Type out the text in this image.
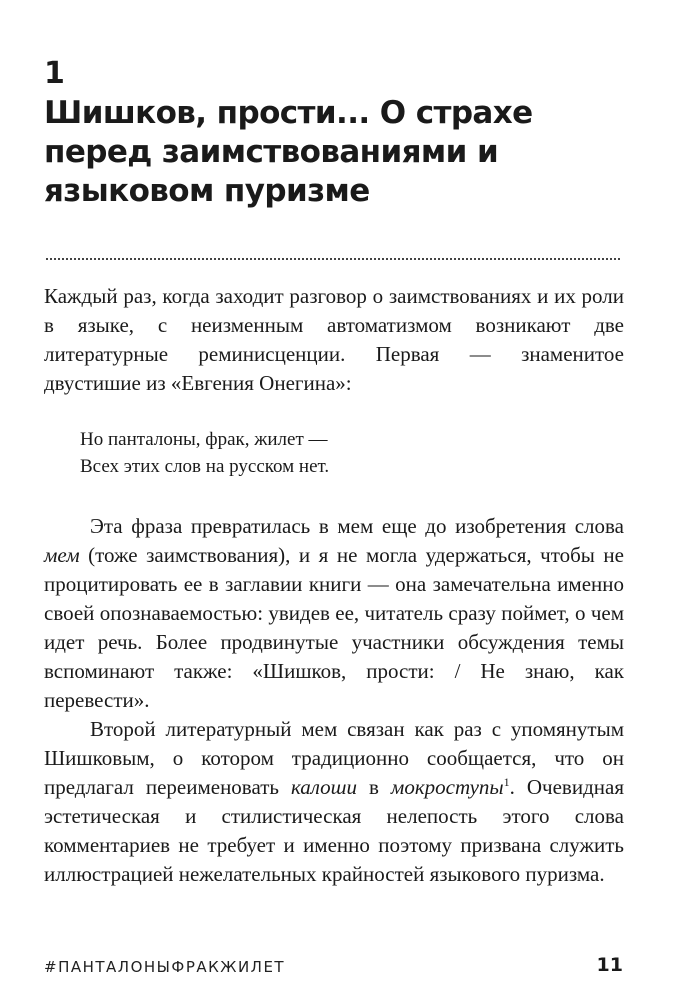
1
Шишков, прости... О страхе перед заимствованиями и языковом пуризме

Каждый раз, когда заходит разговор о заимствованиях и их роли в языке, с неизменным автоматизмом возникают две литературные реминисценции. Первая — знаменитое двустишие из «Евгения Онегина»:

Но панталоны, фрак, жилет —
Всех этих слов на русском нет.

Эта фраза превратилась в мем еще до изобретения слова мем (тоже заимствования), и я не могла удержаться, чтобы не процитировать ее в заглавии книги — она замечательна именно своей опознаваемостью: увидев ее, читатель сразу поймет, о чем идет речь. Более продвинутые участники обсуждения темы вспоминают также: «Шишков, прости: / Не знаю, как перевести».

Второй литературный мем связан как раз с упомянутым Шишковым, о котором традиционно сообщается, что он предлагал переименовать калоши в мокроступы$^1$. Очевидная эстетическая и стилистическая нелепость этого слова комментариев не требует и именно поэтому призвана служить иллюстрацией нежелательных крайностей языкового пуризма.

#ПАНТАЛОНЫФРАКЖИЛЕТ	11
